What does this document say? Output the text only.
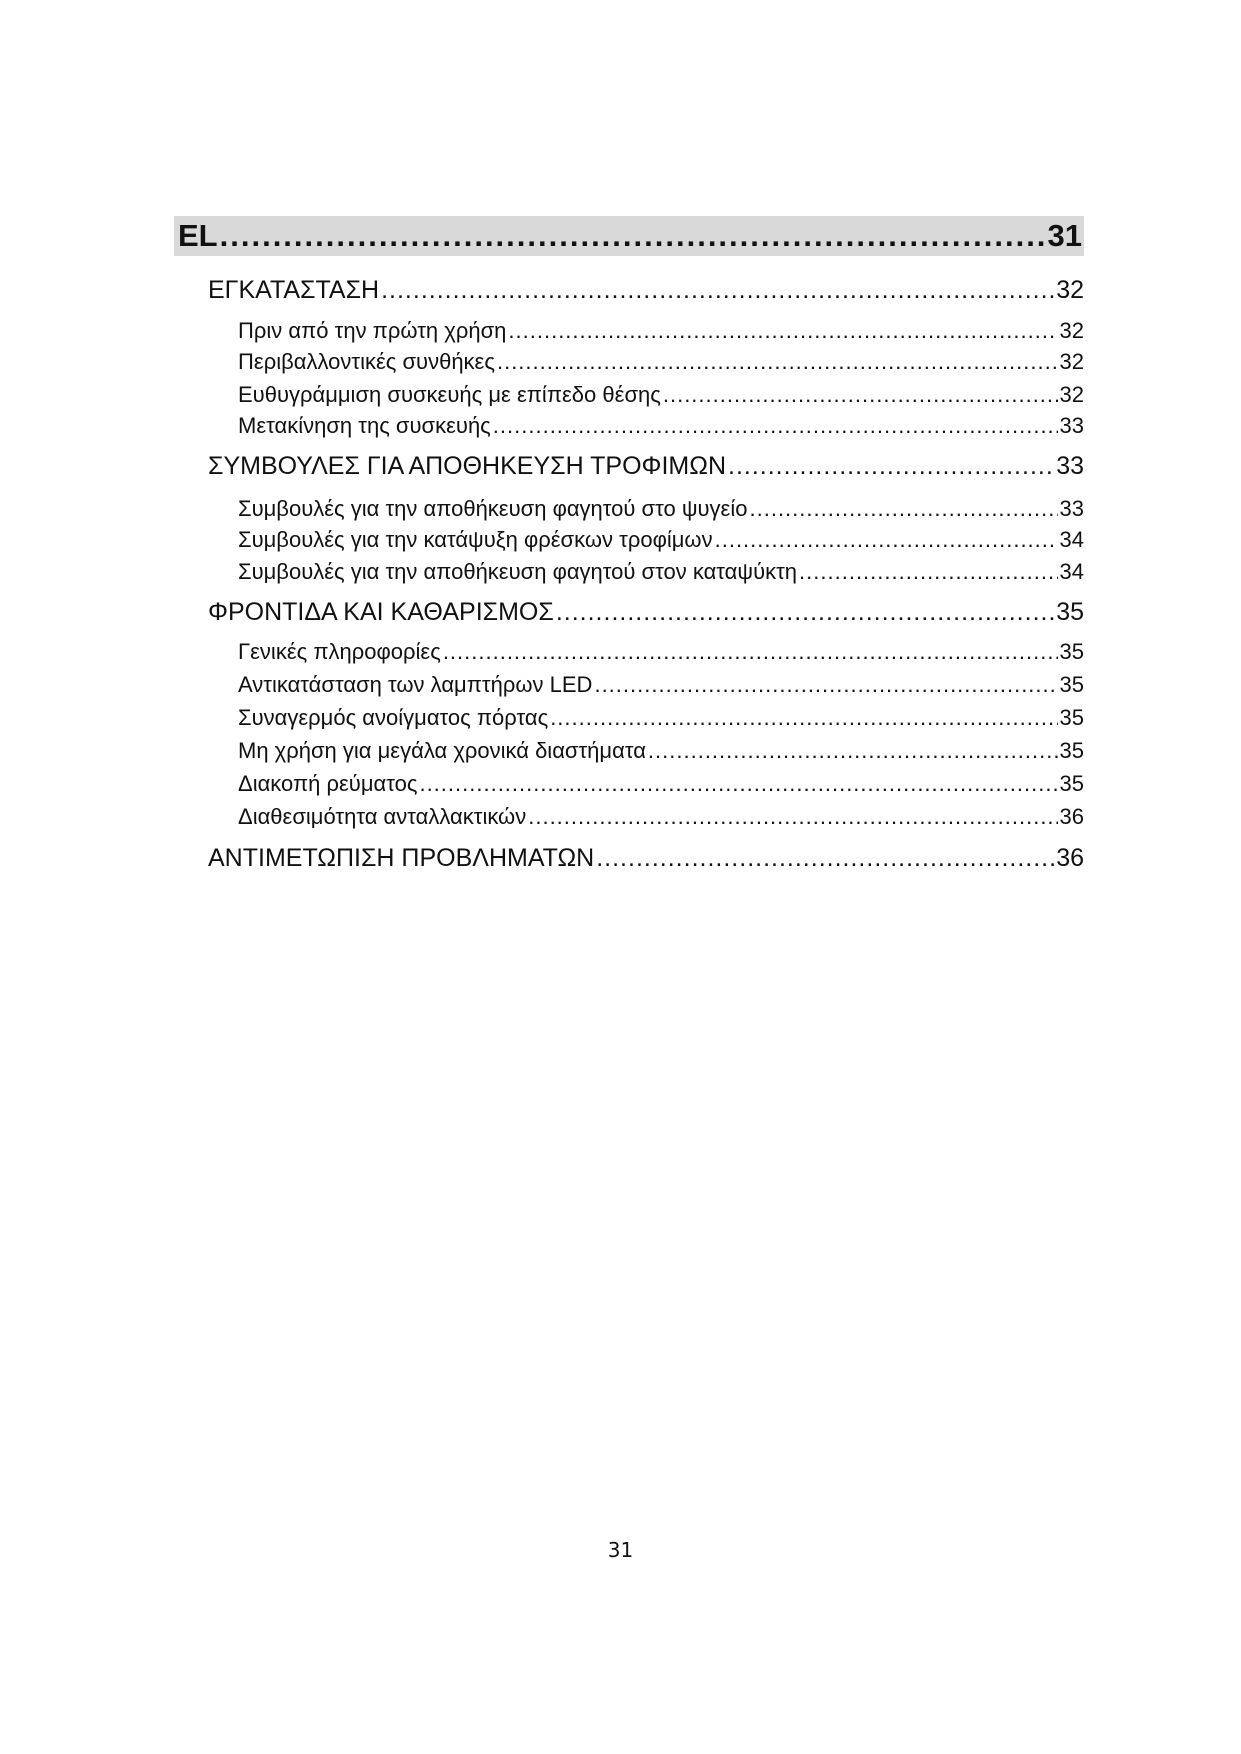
EL .....	31
ΕΓΚΑΤΑΣΤΑΣΗ .....	32
Πριν από την πρώτη χρήση .....	32
Περιβαλλοντικές συνθήκες .....	32
Ευθυγράμμιση συσκευής με επίπεδο θέσης .....	32
Μετακίνηση της συσκευής .....	33
ΣΥΜΒΟΥΛΕΣ ΓΙΑ ΑΠΟΘΗΚΕΥΣΗ ΤΡΟΦΙΜΩΝ .....	33
Συμβουλές για την αποθήκευση φαγητού στο ψυγείο .....	33
Συμβουλές για την κατάψυξη φρέσκων τροφίμων .....	34
Συμβουλές για την αποθήκευση φαγητού στον καταψύκτη .....	34
ΦΡΟΝΤΙΔΑ ΚΑΙ ΚΑΘΑΡΙΣΜΟΣ .....	35
Γενικές πληροφορίες .....	35
Αντικατάσταση των λαμπτήρων LED .....	35
Συναγερμός ανοίγματος πόρτας .....	35
Μη χρήση για μεγάλα χρονικά διαστήματα .....	35
Διακοπή ρεύματος .....	35
Διαθεσιμότητα ανταλλακτικών .....	36
ΑΝΤΙΜΕΤΩΠΙΣΗ ΠΡΟΒΛΗΜΑΤΩΝ .....	36
31
